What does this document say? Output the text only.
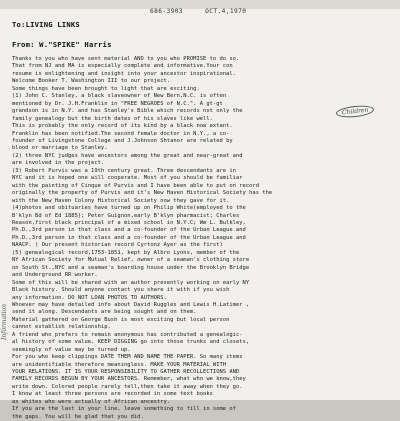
686-3903	OCT.4,1970
To:LIVING LINKS
From: W."SPIKE" Harris
Thanks to you who have sent material AND to you who PROMISE to do so.
That from NJ and MA is especially complete and informative.Your con
resume is enlightening and insight into your ancestor inspirational.
Welcome Booker T. Washington III to our project.
Some things have been brought to light that are exciting.
(1) John C. Stanley, a black slaveowner of New Bern,N.C. is often
mentioned by Dr. J.H.Franklin in "FREE NEGROES of N.C.". A gt-gt
grandson is in N.Y. and has Stanley's Bible which records not only the
family genealogy but the birth dates of his slaves like well.
This is probably the only record of its kind by a black now extant.
Franklin has been notified.The second female doctor in N.Y., a co-
founder of Livingstone College and J.Johnson Shtanor are related by
blood or marriage to Stanley.
(2) three NYC judges have ancestors among the great and near-great and
are involved in the project.
(3) Robert Purvis was a 19th century great. Three descendants are in
NYC and it is hoped one will cooperate. Most of you should be familiar
with the painting of Cinque of Purvis and I have been able to put on record
originally the property of Purvis and it's New Haven Historical Society has the
with the New Haven Colony Historical Society now they gave for it.
(4)photos and obituaries have turned up on Philip White(employed to the
B'klyn Bd of Ed 1885); Peter Guignon,early B'klyn pharmacist; Charles
Reason,first black principal of a mixed school in N.Y.C; Wm L. Bulkley,
Ph.D.,3rd person in that class and a co-founder of the Urban League and
Ph.D.,3rd person in that class and a co-founder of the Urban League and
NAACP. ( Our present historian record Cyrtonz Ayer as the first)
(5) genealogical record,1753-1851, kept by Albro Lyons, member of the
NY African Society for Mutual Relief, owner of a seaman's clothing store
on South St.,NYC and a seaman's boarding house under the Brooklyn Bridge
and Underground RR worker.
Some of this will be shared with an author presently working on early NY
Black history. Should anyone contact you share it with if you wish
any information. DO NOT LOAN PHOTOS TO AUTHORS.
Whoever may have detailed info about David Ruggles and Lewis H.Latimer ,
send it along. Descendants are being sought and on them.
Material gathered on George Bush is most exciting but local person
cannot establish relationship.
A friend who prefers to remain anonymous has contributed a genealogic-
al history of some value. KEEP DIGGING go into those trunks and closets,
seemingly of value may be turned up.
For you who keep clippings DATE THEM AND NAME THE PAPER. So many items
are unidentifiable therefore meaningless. MAKE YOUR MATERIAL WITH
YOUR RELATIONS. IT IS YOUR RESPONSIBILITY TO GATHER RECOLLECTIONS AND
FAMILY RECORDS BEGUN BY YOUR ANCESTORS. Remember, what who we know,they
write down. Colored people rarely tell,then take it away when they go.
I know at least three persons are recorded in some text books
as whites who were actually of African ancestry.
If you are the last in your line, leave something to fill in some of
the gaps. You will be glad that you did.
Children
Information
